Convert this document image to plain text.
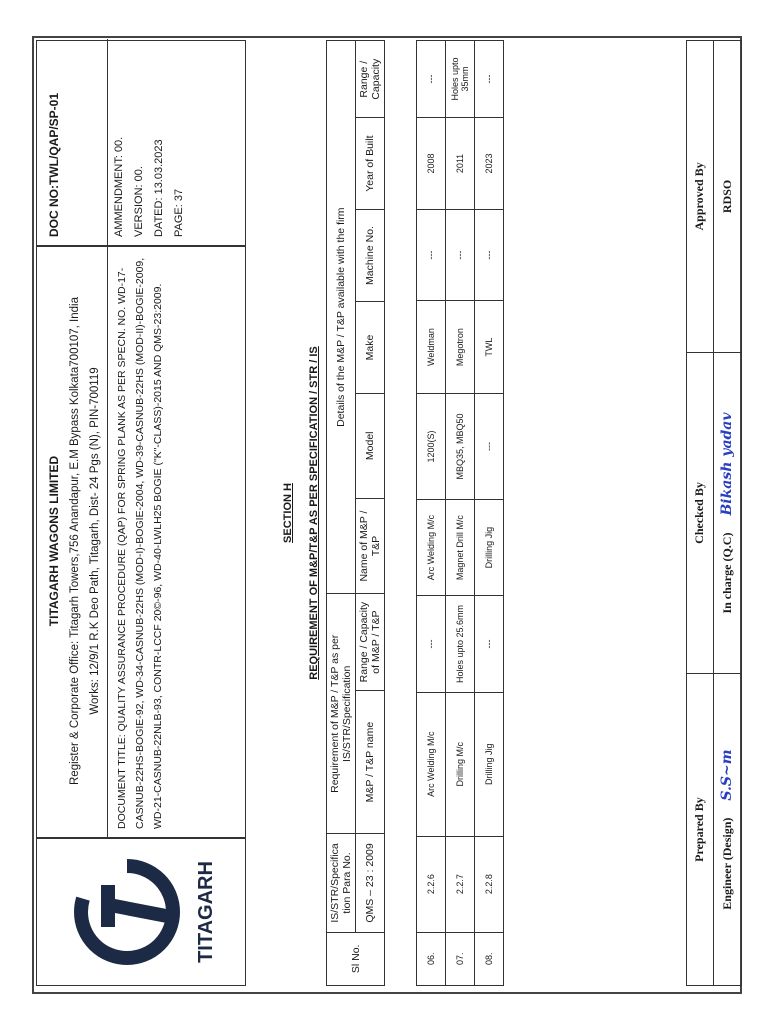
TITAGARH
TITAGARH WAGONS LIMITED Register & Corporate Office: Titagarh Towers,756 Anandapur, E.M Bypass Kolkata700107, India Works: 12/9/1 R.K Deo Path, Titagarh, Dist- 24 Pgs (N), PIN-700119 DOCUMENT TITLE: QUALITY ASSURANCE PROCEDURE (QAP) FOR SPRING PLANK AS PER SPECN. NO. WD-17-CASNUB-22HS-BOGIE-92, WD-34-CASNUB-22HS (MOD-I)-BOGIE-2004, WD-39-CASNUB-22HS (MOD-II)-BOGIE-2009, WD-21-CASNUB-22NLB-93, CONTR-LCCF 20©-96, WD-40-LWLH25 BOGIE ("K"-CLASS)-2015 AND QMS-23:2009.
DOC NO:TWL/QAP/SP-01	AMMENDMENT: 00. VERSION: 00. DATED: 13.03.2023 PAGE: 37
SECTION H REQUIREMENT OF M&P/T&P AS PER SPECIFICATION / STR / IS
Sl No.	IS/STR/Specifica tion Para No.	Requirement of M&P / T&P as per IS/STR/Specification		Details of the M&P / T&P available with the firm					
	QMS – 23 : 2009	M&P / T&P name	Range / Capacity of M&P / T&P	Name of M&P / T&P	Model	Make	Machine No.	Year of Built	Range / Capacity
06.	2.2.6	Arc Welding M/c	---	Arc Welding M/c	1200(S)	Weldman	---	2008	---
07.	2.2.7	Drilling M/c	Holes upto 25.6mm	Magnet Drill M/c	MBQ35, MBQ50	Megotron	---	2011	Holes upto 35mm
08.	2.2.8	Drilling Jig	---	Drilling Jig	---	TWL	---	2023	---
Prepared By	Checked By	Approved By
Engineer (Design)  S.S~m	In charge (Q.C)  Bikash yadav	RDSO
